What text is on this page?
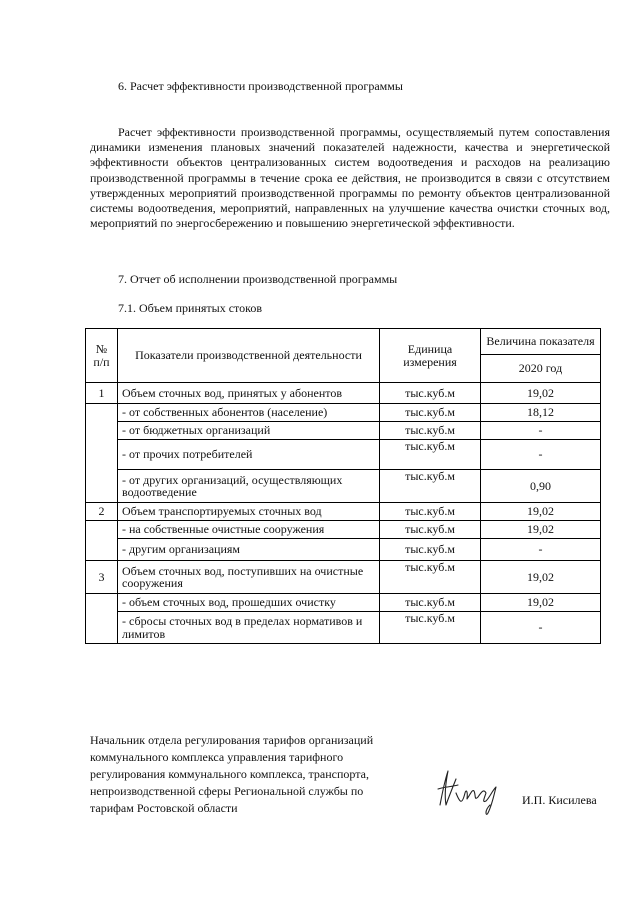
6. Расчет эффективности производственной программы
Расчет эффективности производственной программы, осуществляемый путем сопоставления динамики изменения плановых значений показателей надежности, качества и энергетической эффективности объектов централизованных систем водоотведения и расходов на реализацию производственной программы в течение срока ее действия, не производится в связи с отсутствием утвержденных мероприятий производственной программы по ремонту объектов централизованной системы водоотведения, мероприятий, направленных на улучшение качества очистки сточных вод, мероприятий по энергосбережению и повышению энергетической эффективности.
7. Отчет об исполнении производственной программы
7.1. Объем принятых стоков
№ п/п	Показатели производственной деятельности	Единица измерения	Величина показателя
			2020 год
1	Объем сточных вод, принятых у абонентов	тыс.куб.м	19,02
	- от собственных абонентов (население)	тыс.куб.м	18,12
	- от бюджетных организаций	тыс.куб.м	-
	- от прочих потребителей	тыс.куб.м	-
	- от других организаций, осуществляющих водоотведение	тыс.куб.м	0,90
2	Объем транспортируемых сточных вод	тыс.куб.м	19,02
	- на собственные очистные сооружения	тыс.куб.м	19,02
	- другим организациям	тыс.куб.м	-
3	Объем сточных вод, поступивших на очистные сооружения	тыс.куб.м	19,02
	- объем сточных вод, прошедших очистку	тыс.куб.м	19,02
	- сбросы сточных вод в пределах нормативов и лимитов	тыс.куб.м	-
Начальник отдела регулирования тарифов организаций
коммунального комплекса управления тарифного
регулирования коммунального комплекса, транспорта,
непроизводственной сферы Региональной службы по
тарифам Ростовской области
И.П. Кисилева
